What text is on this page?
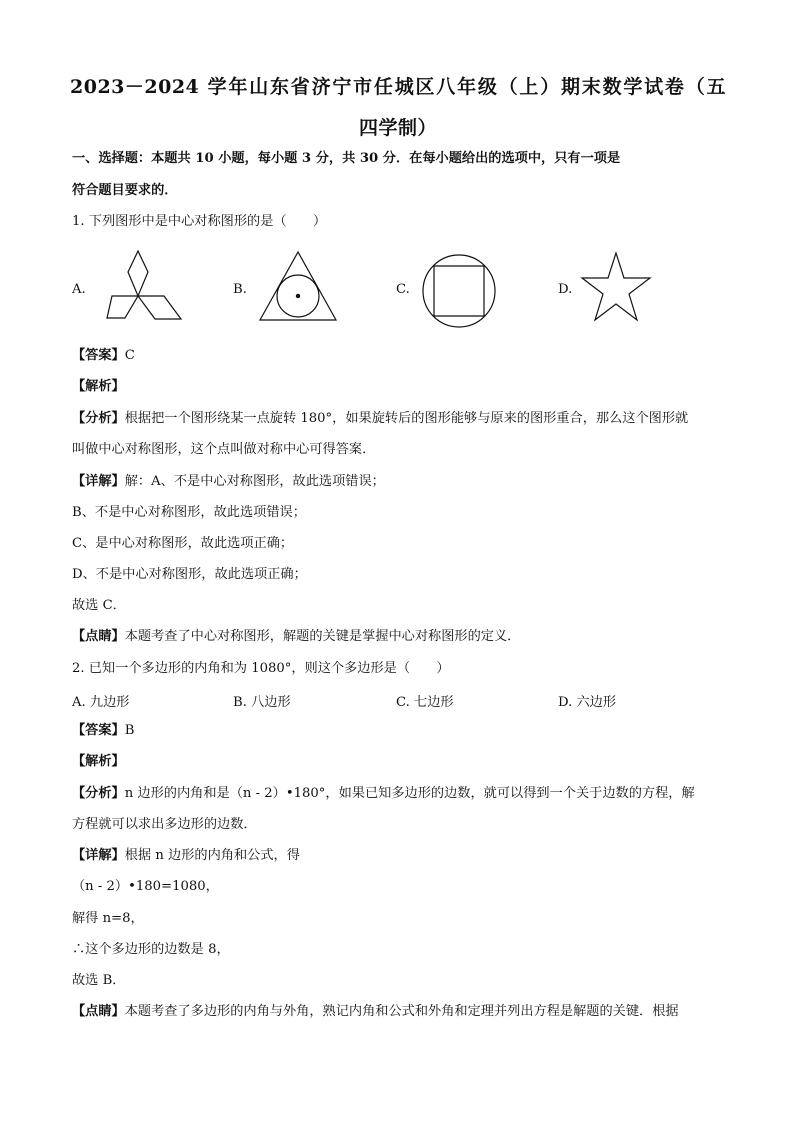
2023－2024 学年山东省济宁市任城区八年级（上）期末数学试卷（五
四学制）
一、选择题：本题共 10 小题，每小题 3 分，共 30 分．在每小题给出的选项中，只有一项是
符合题目要求的．
1. 下列图形中是中心对称图形的是（　　）
A.	B.	C.	D.
【答案】C
【解析】
【分析】根据把一个图形绕某一点旋转 180°，如果旋转后的图形能够与原来的图形重合，那么这个图形就
叫做中心对称图形，这个点叫做对称中心可得答案．
【详解】解：A、不是中心对称图形，故此选项错误；
B、不是中心对称图形，故此选项错误；
C、是中心对称图形，故此选项正确；
D、不是中心对称图形，故此选项正确；
故选 C．
【点睛】本题考查了中心对称图形，解题的关键是掌握中心对称图形的定义．
2. 已知一个多边形的内角和为 1080°，则这个多边形是（　　）
A. 九边形	B. 八边形	C. 七边形	D. 六边形
【答案】B
【解析】
【分析】n 边形的内角和是（n - 2）•180°，如果已知多边形的边数，就可以得到一个关于边数的方程，解
方程就可以求出多边形的边数．
【详解】根据 n 边形的内角和公式，得
（n - 2）•180=1080，
解得 n=8，
∴这个多边形的边数是 8，
故选 B．
【点睛】本题考查了多边形的内角与外角，熟记内角和公式和外角和定理并列出方程是解题的关键．根据
